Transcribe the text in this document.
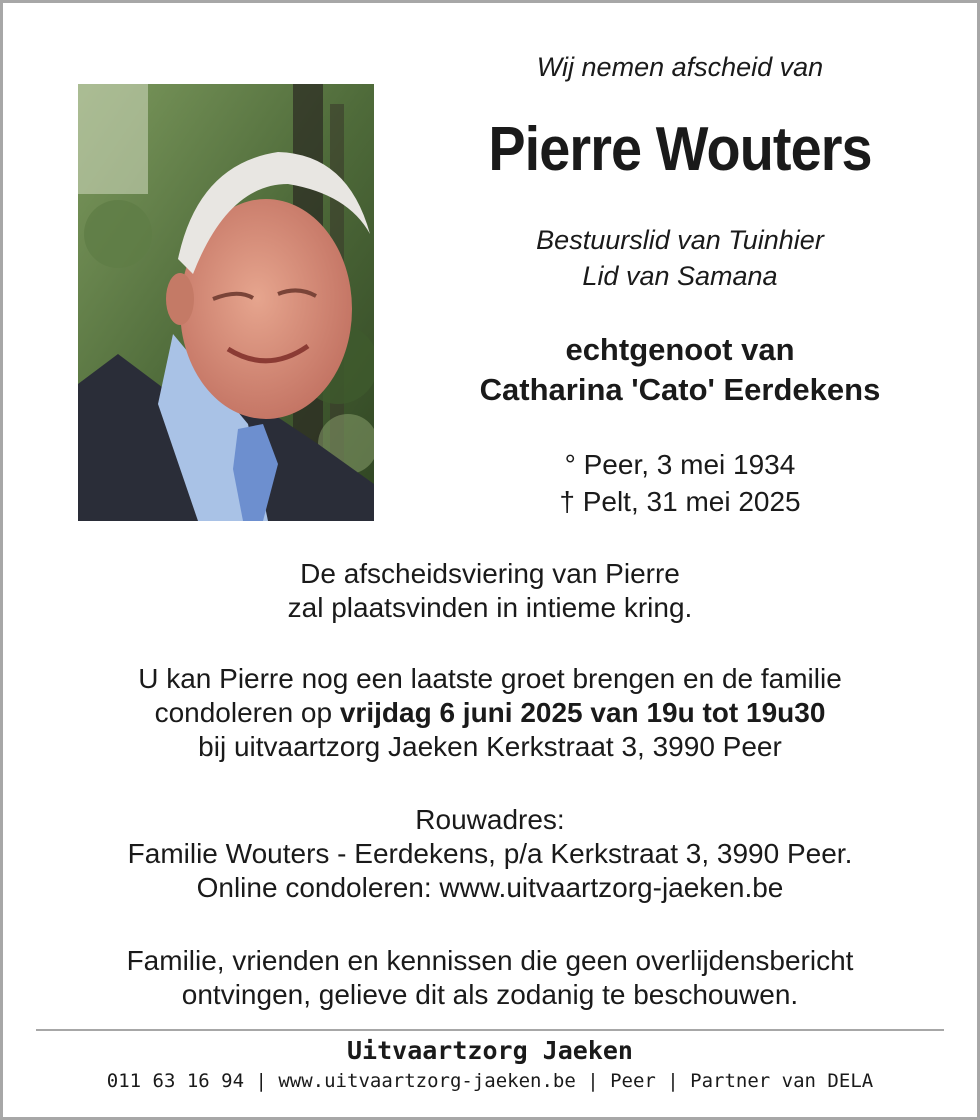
Wij nemen afscheid van
Pierre Wouters
Bestuurslid van Tuinhier
Lid van Samana
echtgenoot van
Catharina 'Cato' Eerdekens
° Peer, 3 mei 1934
† Pelt, 31 mei 2025
De afscheidsviering van Pierre
zal plaatsvinden in intieme kring.
U kan Pierre nog een laatste groet brengen en de familie
condoleren op vrijdag 6 juni 2025 van 19u tot 19u30
bij uitvaartzorg Jaeken Kerkstraat 3, 3990 Peer
Rouwadres:
Familie Wouters - Eerdekens, p/a Kerkstraat 3, 3990 Peer.
Online condoleren: www.uitvaartzorg-jaeken.be
Familie, vrienden en kennissen die geen overlijdensbericht
ontvingen, gelieve dit als zodanig te beschouwen.
Uitvaartzorg Jaeken
011 63 16 94 | www.uitvaartzorg-jaeken.be | Peer | Partner van DELA
